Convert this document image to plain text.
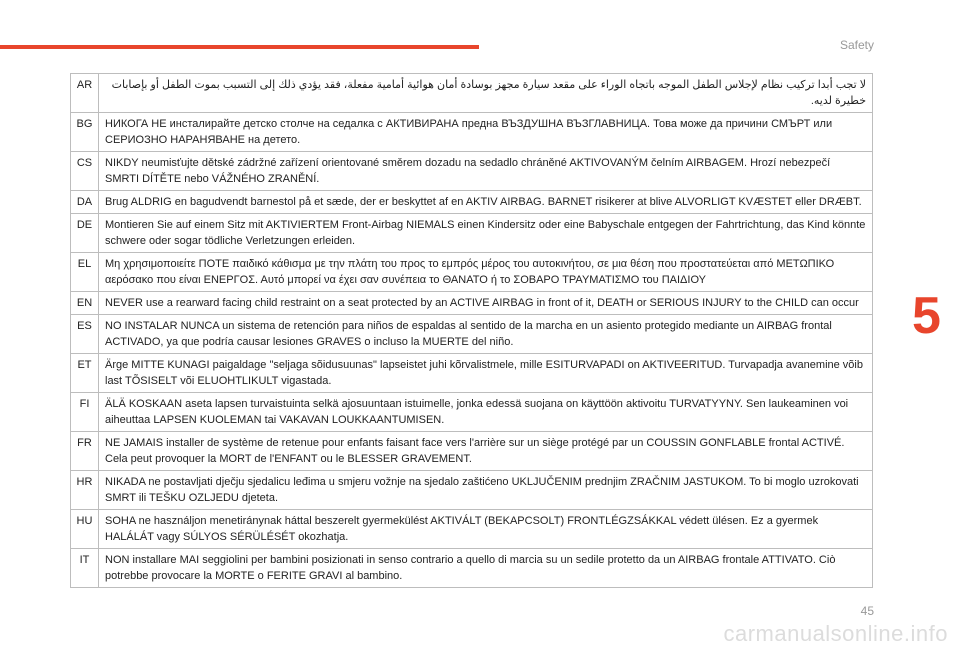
Safety
5
AR	لا تجب أبدا تركيب نظام لإجلاس الطفل الموجه باتجاه الوراء على مقعد سيارة مجهز بوسادة أمان هوائية أمامية مفعلة، فقد يؤدي ذلك إلى التسبب بموت الطفل أو بإصابات خطيرة لديه.
BG	НИКОГА НЕ инсталирайте детско столче на седалка с АКТИВИРАНА предна ВЪЗДУШНА ВЪЗГЛАВНИЦА. Това може да причини СМЪРТ или СЕРИОЗНО НАРАНЯВАНЕ на детето.
CS	NIKDY neumisťujte dětské zádržné zařízení orientované směrem dozadu na sedadlo chráněné AKTIVOVANÝM čelním AIRBAGEM. Hrozí nebezpečí SMRTI DÍTĚTE nebo VÁŽNÉHO ZRANĚNÍ.
DA	Brug ALDRIG en bagudvendt barnestol på et sæde, der er beskyttet af en AKTIV AIRBAG. BARNET risikerer at blive ALVORLIGT KVÆSTET eller DRÆBT.
DE	Montieren Sie auf einem Sitz mit AKTIVIERTEM Front-Airbag NIEMALS einen Kindersitz oder eine Babyschale entgegen der Fahrtrichtung, das Kind könnte schwere oder sogar tödliche Verletzungen erleiden.
EL	Μη χρησιμοποιείτε ΠΟΤΕ παιδικό κάθισμα με την πλάτη του προς το εμπρός μέρος του αυτοκινήτου, σε μια θέση που προστατεύεται από ΜΕΤΩΠΙΚΟ αερόσακο που είναι ΕΝΕΡΓΟΣ. Αυτό μπορεί να έχει σαν συνέπεια το ΘΑΝΑΤΟ ή το ΣΟΒΑΡΟ ΤΡΑΥΜΑΤΙΣΜΟ του ΠΑΙΔΙΟΥ
EN	NEVER use a rearward facing child restraint on a seat protected by an ACTIVE AIRBAG in front of it, DEATH or SERIOUS INJURY to the CHILD can occur
ES	NO INSTALAR NUNCA un sistema de retención para niños de espaldas al sentido de la marcha en un asiento protegido mediante un AIRBAG frontal ACTIVADO, ya que podría causar lesiones GRAVES o incluso la MUERTE del niño.
ET	Ärge MITTE KUNAGI paigaldage "seljaga sõidusuunas" lapseistet juhi kõrvalistmele, mille ESITURVAPADI on AKTIVEERITUD. Turvapadja avanemine võib last TÕSISELT või ELUOHTLIKULT vigastada.
FI	ÄLÄ KOSKAAN aseta lapsen turvaistuinta selkä ajosuuntaan istuimelle, jonka edessä suojana on käyttöön aktivoitu TURVATYYNY. Sen laukeaminen voi aiheuttaa LAPSEN KUOLEMAN tai VAKAVAN LOUKKAANTUMISEN.
FR	NE JAMAIS installer de système de retenue pour enfants faisant face vers l'arrière sur un siège protégé par un COUSSIN GONFLABLE frontal ACTIVÉ. Cela peut provoquer la MORT de l'ENFANT ou le BLESSER GRAVEMENT.
HR	NIKADA ne postavljati dječju sjedalicu leđima u smjeru vožnje na sjedalo zaštićeno UKLJUČENIM prednjim ZRAČNIM JASTUKOM. To bi moglo uzrokovati SMRT ili TEŠKU OZLJEDU djeteta.
HU	SOHA ne használjon menetiránynak háttal beszerelt gyermekülést AKTIVÁLT (BEKAPCSOLT) FRONTLÉGZSÁKKAL védett ülésen. Ez a gyermek HALÁLÁT vagy SÚLYOS SÉRÜLÉSÉT okozhatja.
IT	NON installare MAI seggiolini per bambini posizionati in senso contrario a quello di marcia su un sedile protetto da un AIRBAG frontale ATTIVATO. Ciò potrebbe provocare la MORTE o FERITE GRAVI al bambino.
45
carmanualsonline.info
